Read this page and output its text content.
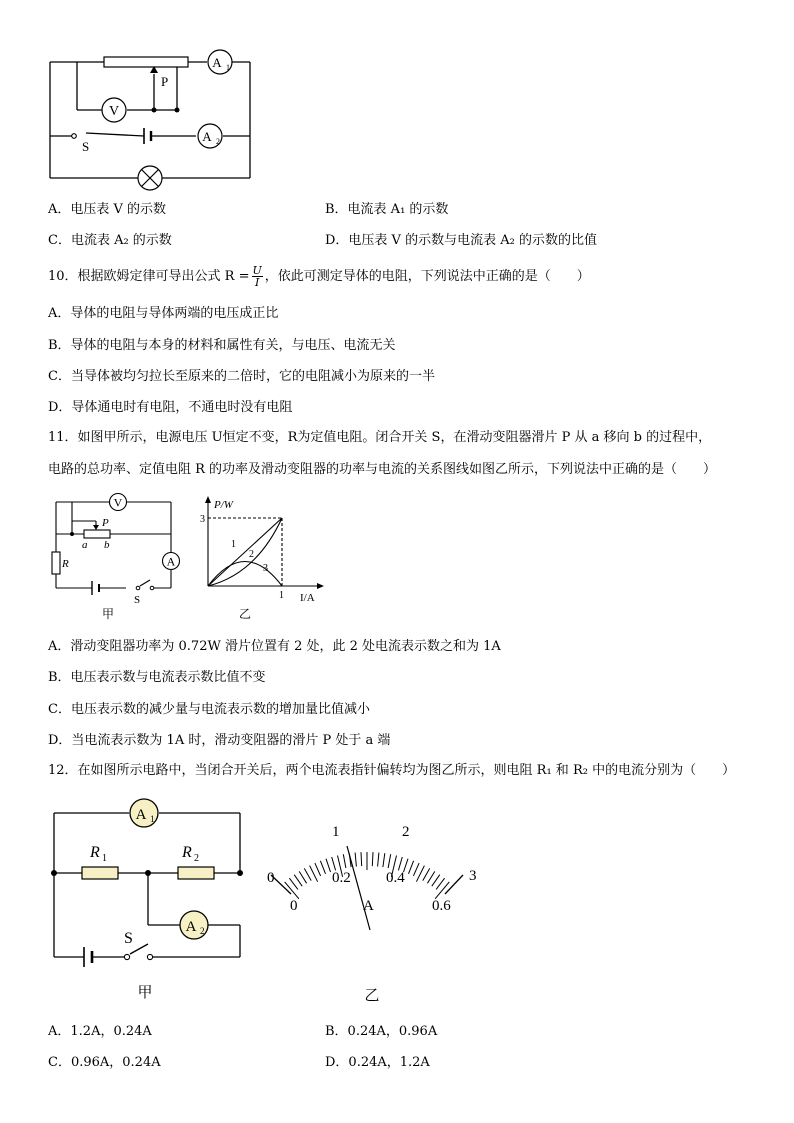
V
A 1
A 2
P
S
A．电压表 V 的示数	B．电流表 A₁ 的示数
C．电流表 A₂ 的示数	D．电压表 V 的示数与电流表 A₂ 的示数的比值
10．根据欧姆定律可导出公式 $R = \frac{U}{I}$ ，依此可测定导体的电阻，下列说法中正确的是（　　）
A．导体的电阻与导体两端的电压成正比
B．导体的电阻与本身的材料和属性有关，与电压、电流无关
C．当导体被均匀拉长至原来的二倍时，它的电阻减小为原来的一半
D．导体通电时有电阻，不通电时没有电阻
11．如图甲所示，电源电压 U恒定不变，R为定值电阻。闭合开关 S，在滑动变阻器滑片 P 从 a 移向 b 的过程中，
电路的总功率、定值电阻 R 的功率及滑动变阻器的功率与电流的关系图线如图乙所示，下列说法中正确的是（　　）
V
A
P
a b
R
S
甲
P/W
I/A
3
1
1
2
3
乙
A．滑动变阻器功率为 0.72W 滑片位置有 2 处，此 2 处电流表示数之和为 1A
B．电压表示数与电流表示数比值不变
C．电压表示数的减少量与电流表示数的增加量比值减小
D．当电流表示数为 1A 时，滑动变阻器的滑片 P 处于 a 端
12．在如图所示电路中，当闭合开关后，两个电流表指针偏转均为图乙所示，则电阻 R₁ 和 R₂ 中的电流分别为（　　）
A 1
A 2
R 1	R 2
S
甲
0
1	2
3
0
0.2 0.4
0.6
A
乙
A．1.2A，0.24A	B．0.24A，0.96A
C．0.96A，0.24A	D．0.24A，1.2A
